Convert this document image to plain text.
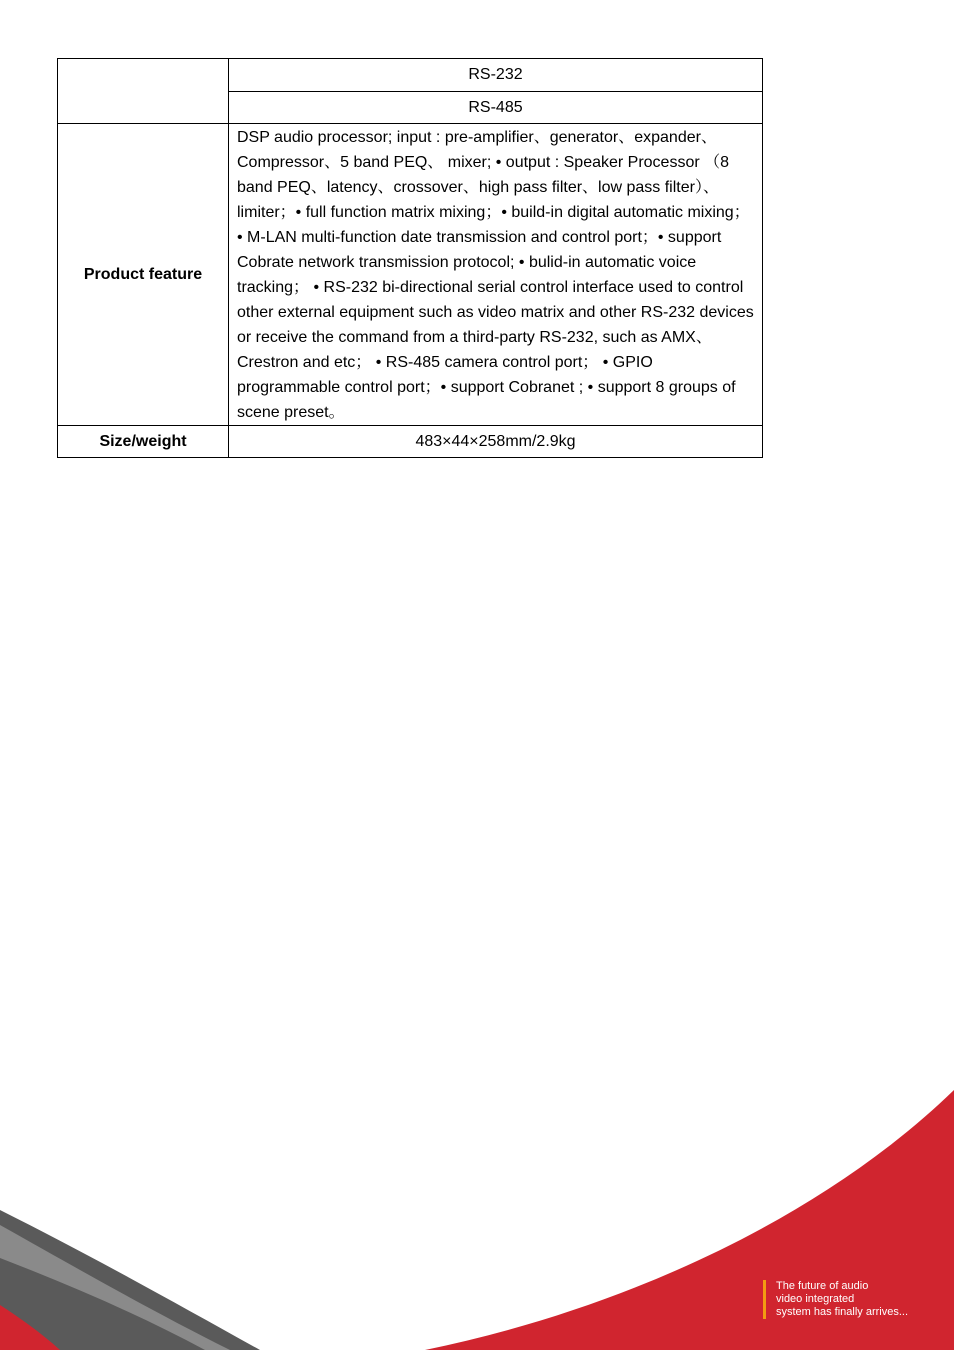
	RS-232
	RS-485
Product feature	DSP audio processor; input : pre-amplifier、generator、expander、Compressor、5 band PEQ、 mixer; • output : Speaker Processor （8 band PEQ、latency、crossover、high pass filter、low pass filter）、limiter；• full function matrix mixing；• build-in digital automatic mixing； • M-LAN multi-function date transmission and control port；• support Cobrate network transmission protocol; • bulid-in automatic voice tracking； • RS-232 bi-directional serial control interface used to control other external equipment such as video matrix and other RS-232 devices or receive the command from a third-party RS-232, such as AMX、Crestron and etc； • RS-485 camera control port； • GPIO programmable control port；• support Cobranet ; • support 8 groups of scene preset。
Size/weight	483×44×258mm/2.9kg
The future of audio
video integrated
system has finally arrives...
